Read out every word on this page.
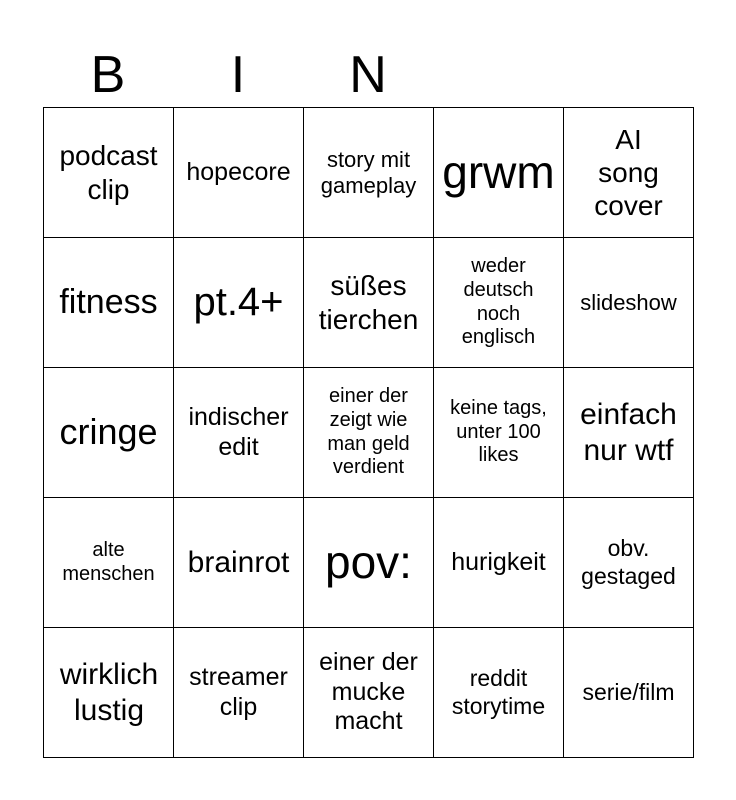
B	I	N
podcast clip	hopecore	story mit gameplay	grwm	AI song cover
fitness	pt.4+	süßes tierchen	weder deutsch noch englisch	slideshow
cringe	indischer edit	einer der zeigt wie man geld verdient	keine tags, unter 100 likes	einfach nur wtf
alte menschen	brainrot	pov:	hurigkeit	obv. gestaged
wirklich lustig	streamer clip	einer der mucke macht	reddit storytime	serie/film
